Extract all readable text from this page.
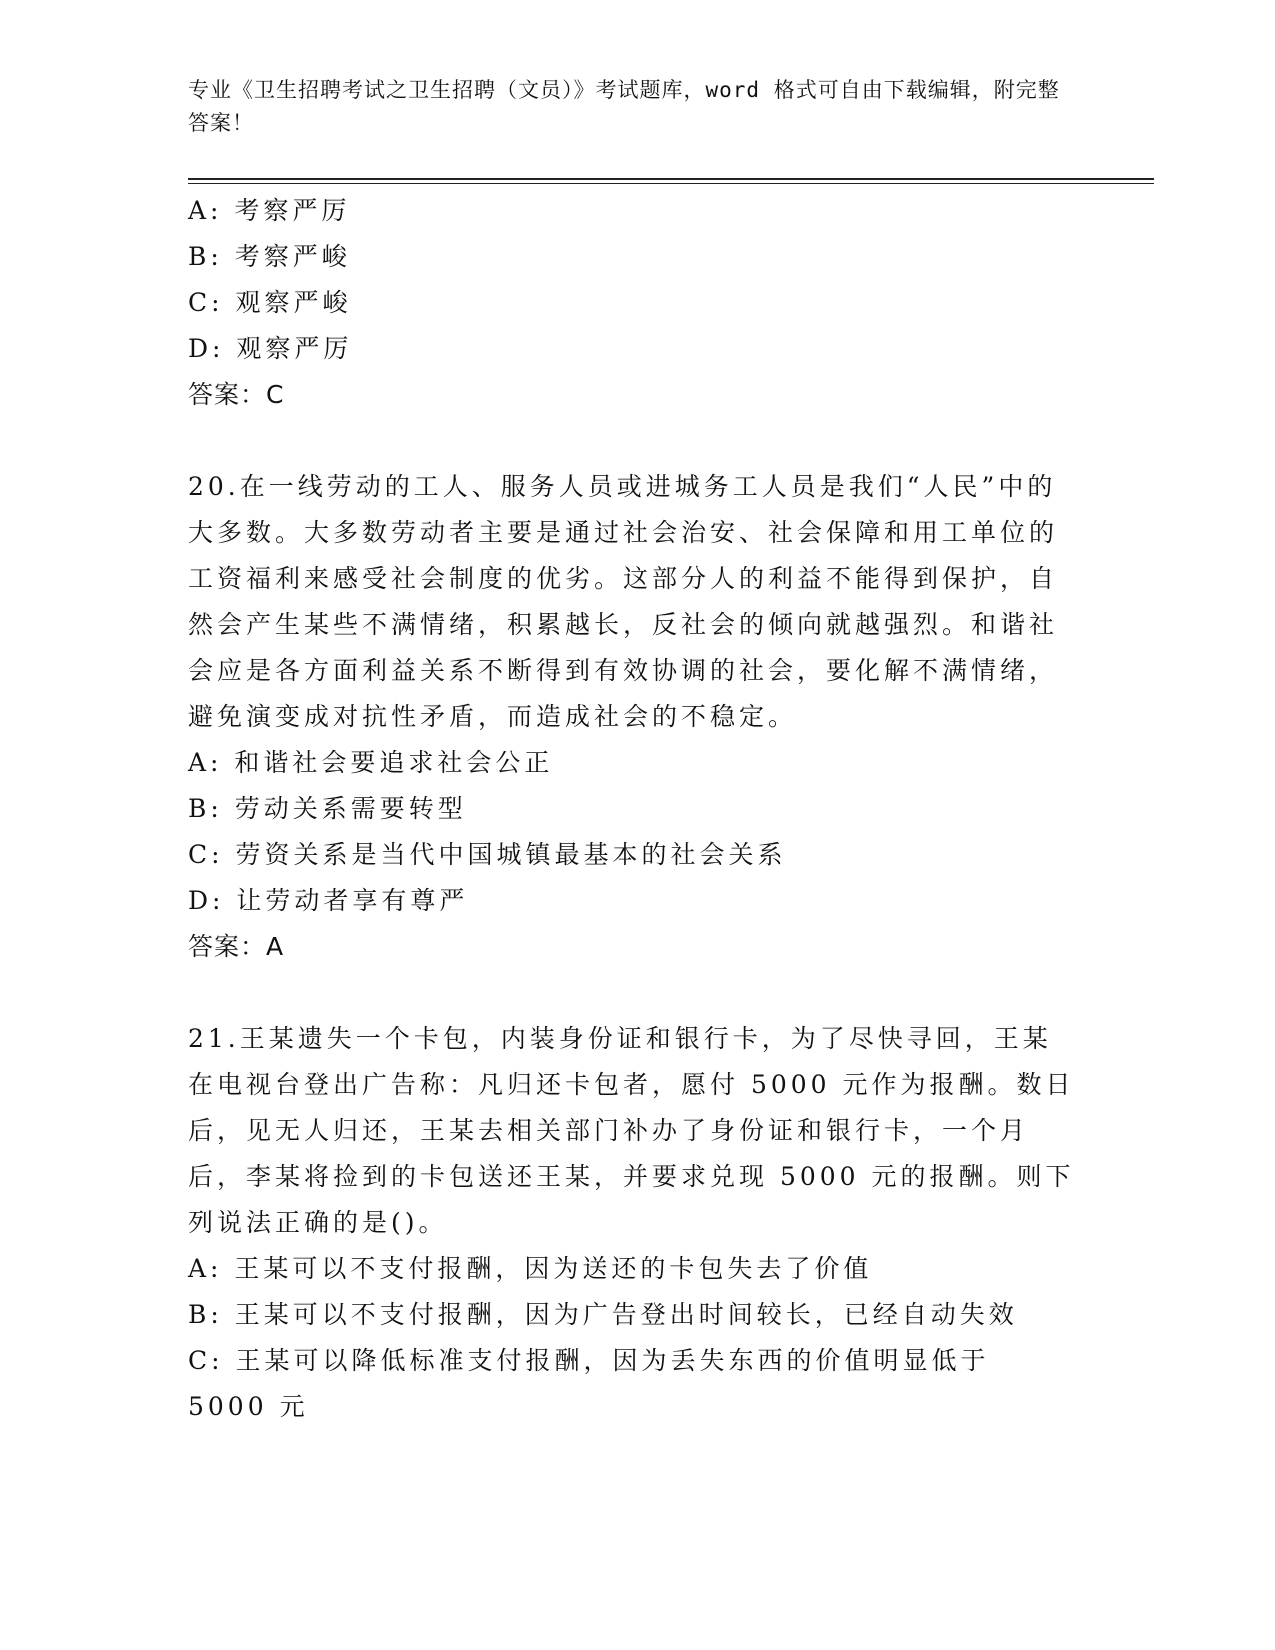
专业《卫生招聘考试之卫生招聘（文员）》考试题库，word 格式可自由下载编辑，附完整答案！
A: 考察严厉
B: 考察严峻
C: 观察严峻
D: 观察严厉
答案：C
20.在一线劳动的工人、服务人员或进城务工人员是我们“人民”中的大多数。大多数劳动者主要是通过社会治安、社会保障和用工单位的工资福利来感受社会制度的优劣。这部分人的利益不能得到保护，自然会产生某些不满情绪，积累越长，反社会的倾向就越强烈。和谐社会应是各方面利益关系不断得到有效协调的社会，要化解不满情绪，避免演变成对抗性矛盾，而造成社会的不稳定。
A: 和谐社会要追求社会公正
B: 劳动关系需要转型
C: 劳资关系是当代中国城镇最基本的社会关系
D: 让劳动者享有尊严
答案：A
21.王某遗失一个卡包，内装身份证和银行卡，为了尽快寻回，王某在电视台登出广告称：凡归还卡包者，愿付 5000 元作为报酬。数日后，见无人归还，王某去相关部门补办了身份证和银行卡，一个月后，李某将捡到的卡包送还王某，并要求兑现 5000 元的报酬。则下列说法正确的是()。
A: 王某可以不支付报酬，因为送还的卡包失去了价值
B: 王某可以不支付报酬，因为广告登出时间较长，已经自动失效
C: 王某可以降低标准支付报酬，因为丢失东西的价值明显低于 5000 元
